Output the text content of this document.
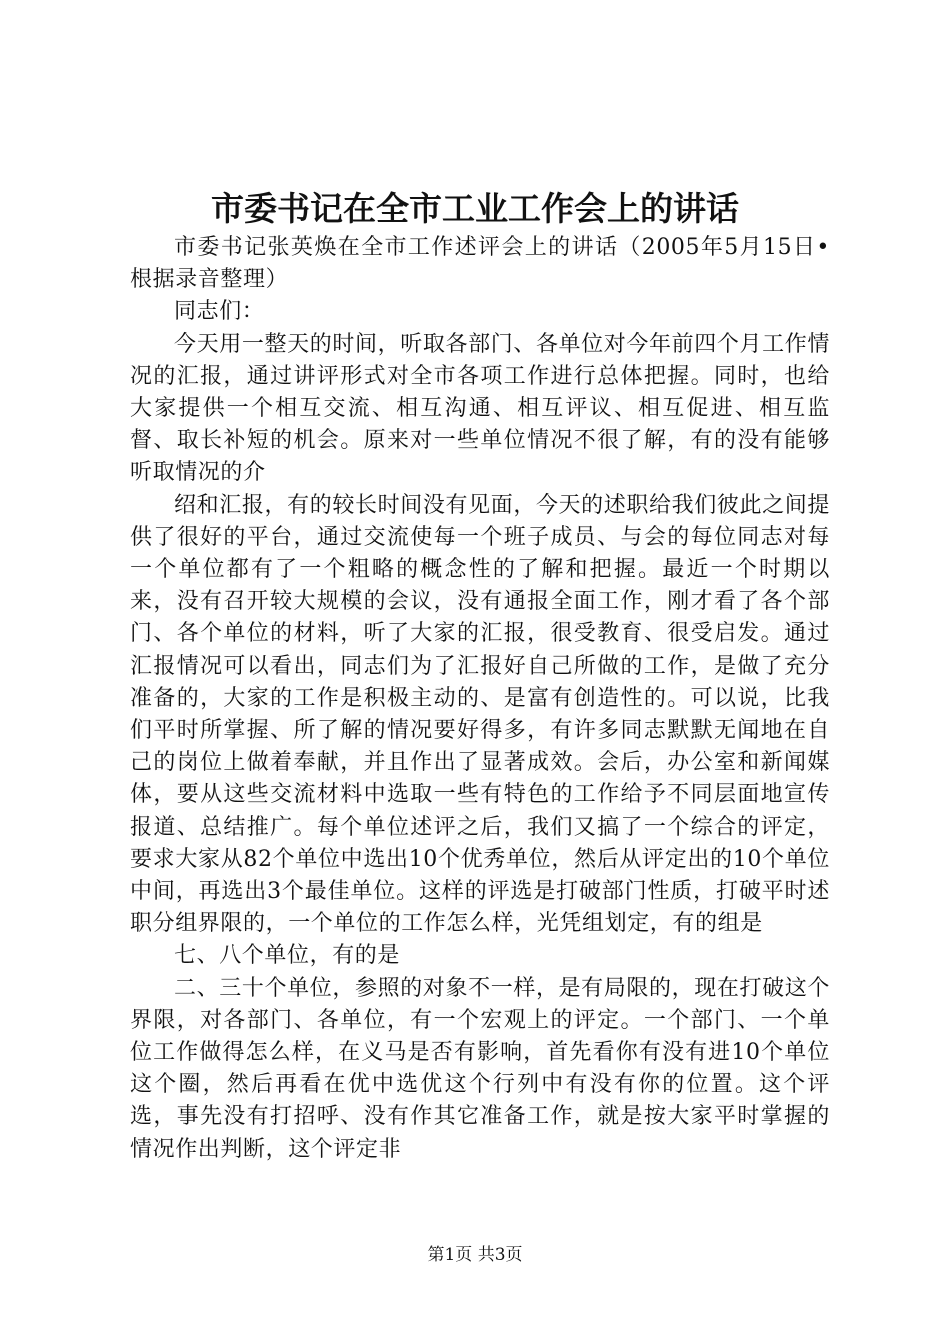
市委书记在全市工业工作会上的讲话

市委书记张英焕在全市工作述评会上的讲话（2005年5月15日•根据录音整理）

同志们：

今天用一整天的时间，听取各部门、各单位对今年前四个月工作情况的汇报，通过讲评形式对全市各项工作进行总体把握。同时，也给大家提供一个相互交流、相互沟通、相互评议、相互促进、相互监督、取长补短的机会。原来对一些单位情况不很了解，有的没有能够听取情况的介

绍和汇报，有的较长时间没有见面，今天的述职给我们彼此之间提供了很好的平台，通过交流使每一个班子成员、与会的每位同志对每一个单位都有了一个粗略的概念性的了解和把握。最近一个时期以来，没有召开较大规模的会议，没有通报全面工作，刚才看了各个部门、各个单位的材料，听了大家的汇报，很受教育、很受启发。通过汇报情况可以看出，同志们为了汇报好自己所做的工作，是做了充分准备的，大家的工作是积极主动的、是富有创造性的。可以说，比我们平时所掌握、所了解的情况要好得多，有许多同志默默无闻地在自己的岗位上做着奉献，并且作出了显著成效。会后，办公室和新闻媒体，要从这些交流材料中选取一些有特色的工作给予不同层面地宣传报道、总结推广。每个单位述评之后，我们又搞了一个综合的评定，要求大家从82个单位中选出10个优秀单位，然后从评定出的10个单位中间，再选出3个最佳单位。这样的评选是打破部门性质，打破平时述职分组界限的，一个单位的工作怎么样，光凭组划定，有的组是

七、八个单位，有的是

二、三十个单位，参照的对象不一样，是有局限的，现在打破这个界限，对各部门、各单位，有一个宏观上的评定。一个部门、一个单位工作做得怎么样，在义马是否有影响，首先看你有没有进10个单位这个圈，然后再看在优中选优这个行列中有没有你的位置。这个评选，事先没有打招呼、没有作其它准备工作，就是按大家平时掌握的情况作出判断，这个评定非

第1页 共3页
